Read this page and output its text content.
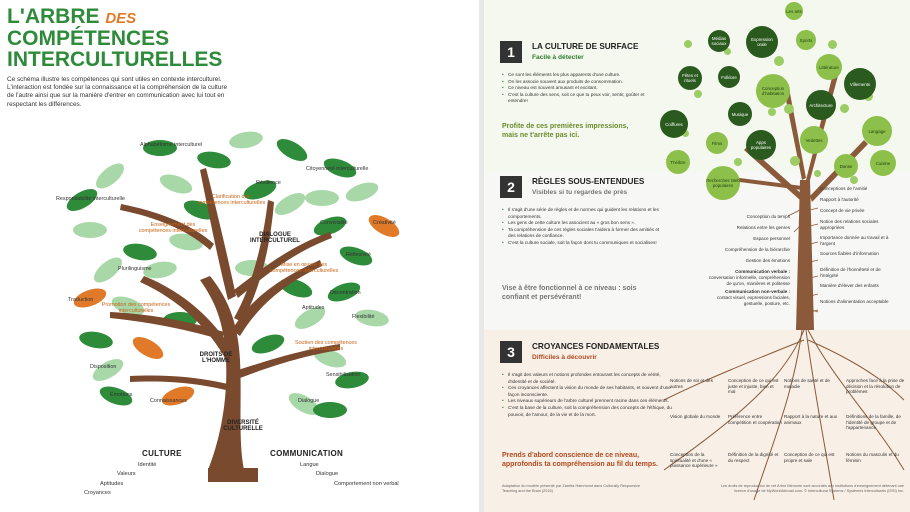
L'ARBRE DES
COMPÉTENCES
INTERCULTURELLES
Ce schéma illustre les compétences qui sont utiles en contexte interculturel. L'interaction est fondée sur la connaissance et la compréhension de la culture de l'autre ainsi que sur la manière d'entrer en communication avec lui tout en respectant les différences.
Alphabétisme interculturel
Responsabilité interculturelle
Citoyenneté interculturelle
Résilience
Clarification des compétences interculturelles
Enseignement des compétences interculturelles
DIALOGUE INTERCULTUREL
Convivialité	Créativité
Réflexivité
Plurilinguisme
Mise en œuvre des compétences interculturelles
Décentration
Traduction
Promotion des compétences interculturelles
Aptitudes
Flexibilité
DROITS DE L'HOMME
Disposition
Soutien des compétences interculturelles
Sensibilisation
Émotions
Connaissances	Dialogue
DIVERSITÉ CULTURELLE
CULTURE	COMMUNICATION
Identité
Valeurs
Aptitudes
Croyances
Langue
Dialogue
Comportement non verbal
1	LA CULTURE DE SURFACE
Facile à détecter
• Ce sont les éléments les plus apparents d'une culture.
• On les associe souvent aux produits de consommation.
• Ce niveau est souvent amusant et excitant.
• C'est la culture des sens, soit ce que tu peux voir, sentir, goûter et entendre!
Profite de ces premières impressions, mais ne t'arrête pas ici.
2	RÈGLES SOUS-ENTENDUES
Visibles si tu regardes de près
• Il s'agit d'une série de règles et de normes qui guident les relations et les comportements.
• Les gens de cette culture les associent au « gros bon sens ».
• Ta compréhension de ces règles sociales t'aidera à former des amitiés et des relations de confiance.
• C'est la culture sociale, soit la façon dont tu communiques et socialises!
Vise à être fonctionnel à ce niveau : sois confiant et persévérant!
3	CROYANCES FONDAMENTALES
Difficiles à découvrir
• Il s'agit des valeurs et notions profondes entourant les concepts de vérité, d'identité et de société.
• Ces croyances affectent la vision du monde de ses habitants, et souvent d'une façon inconsciente.
• Les niveaux supérieurs de l'arbre culturel prennent racine dans ces éléments.
• C'est la base de la culture, soit la compréhension des concepts de l'éthique, du pouvoir, de l'amour, de la vie et de la mort.
Prends d'abord conscience de ce niveau, approfondis ta compréhension au fil du temps.
Adaptation du modèle présenté par Zaretta Hammond dans Culturally Responsive Teaching and the Brain (2015)
Les droits de reproduction de cet Arbre Mémoire sont accordés aux institutions d'enseignement détenant une licence d'usage de MyWorldAbroad.com. © Intercultural Systems / Systèmes Interculturels (ISSI) Inc.
Les arts
Médias sociaux
Expression orale
Sports
Fêtes et rituels
Folklore
Littérature
Conception d'habitation
Villements
Coiffures
Musique
Architecture
Langage
Films	Apps populaires
Vedettes
Théâtre
Recherches Web populaires
Danse
Cuisine
Conception du temps
Relations entre les genres
Espace personnel
Compréhension de la hiérarchie
Gestion des émotions
Communication verbale :
conversation informelle, compréhension de qu'on, manières et politesse
Communication non-verbale :
contact visuel, expressions faciales, gestuelle, posture, etc.
Conceptions de l'amitié
Rapport à l'autorité
Concept de vie privée
Notion des relations sociales appropriées
Importance donnée au travail et à l'argent
Sources fiables d'information
Définition de l'honnêteté et de l'intégrité
Manière d'élever des enfants
Notions d'alimentation acceptable
Notions de soi et des autres
Conception de ce qui est juste et injuste, bien et mal
Notions de santé et de maladie
Approches face à la prise de décision et la résolution de problèmes
Vision globale du monde	Préférence entre compétition et coopération
Rapport à la nature et aux animaux
Définitions de la famille, de l'identité de groupe et de l'appartenance
Conception de la spiritualité et d'une « puissance supérieure »
Définition de la dignité et du respect
Conception de ce qui est propre et sale
Notions du masculin et du féminin
